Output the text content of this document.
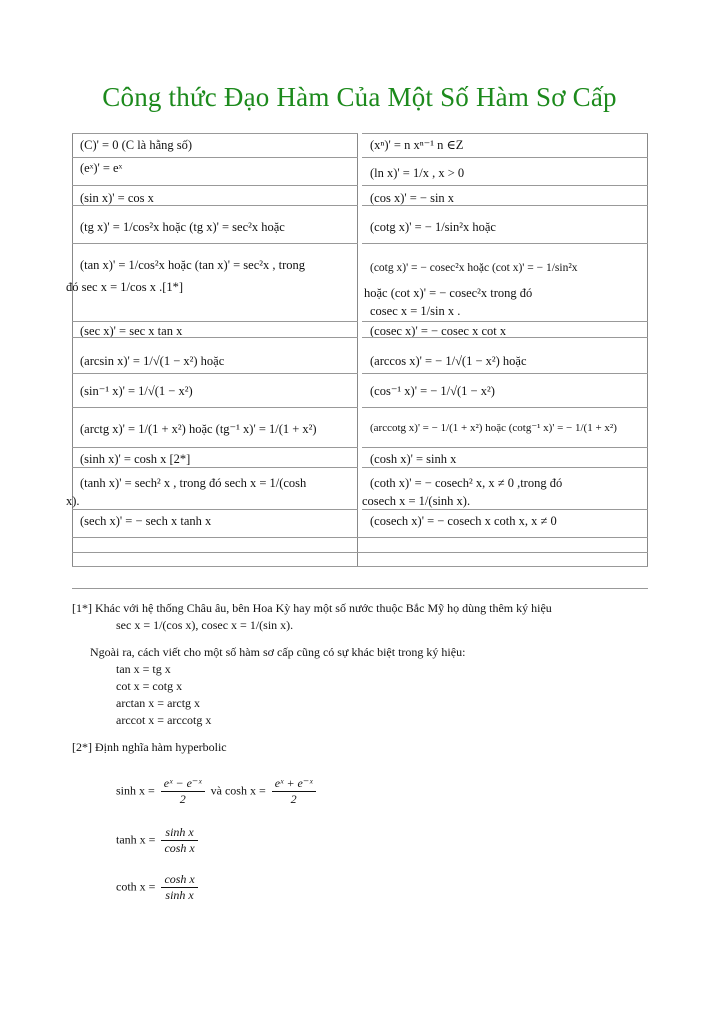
Công thức Đạo Hàm Của Một Số Hàm Sơ Cấp
(C)' = 0 (C là hằng số)
(eˣ)' = eˣ
(sin x)' = cos x
(tg x)' = 1/cos²x hoặc (tg x)' = sec²x hoặc
(tan x)' = 1/cos²x hoặc (tan x)' = sec²x , trong
đó sec x = 1/cos x .[1*]
(sec x)' = sec x tan x
(arcsin x)' = 1/√(1 − x²) hoặc
(sin⁻¹ x)' = 1/√(1 − x²)
(arctg x)' = 1/(1 + x²) hoặc (tg⁻¹ x)' = 1/(1 + x²)
(sinh x)' = cosh x [2*]
(tanh x)' = sech² x , trong đó sech x = 1/(cosh
x).
(sech x)' = − sech x tanh x
(xⁿ)' = n xⁿ⁻¹ n ∈Z
(ln x)' = 1/x , x > 0
(cos x)' = − sin x
(cotg x)' = − 1/sin²x hoặc
(cotg x)' = − cosec²x hoặc (cot x)' = − 1/sin²x
hoặc (cot x)' = − cosec²x trong đó
cosec x = 1/sin x .
(cosec x)' = − cosec x cot x
(arccos x)' = − 1/√(1 − x²) hoặc
(cos⁻¹ x)' = − 1/√(1 − x²)
(arccotg x)' = − 1/(1 + x²) hoặc (cotg⁻¹ x)' = − 1/(1 + x²)
(cosh x)' = sinh x
(coth x)' = − cosech² x, x ≠ 0 ,trong đó
cosech x = 1/(sinh x).
(cosech x)' = − cosech x coth x, x ≠ 0
[1*] Khác với hệ thống Châu âu, bên Hoa Kỳ hay một số nước thuộc Bắc Mỹ họ dùng thêm ký hiệu
sec x = 1/(cos x), cosec x = 1/(sin x).
Ngoài ra, cách viết cho một số hàm sơ cấp cũng có sự khác biệt trong ký hiệu:
tan x = tg x
cot x = cotg x
arctan x = arctg x
arccot x = arccotg x
[2*] Định nghĩa hàm hyperbolic
$\sinh x = \frac{\text{eˣ − e⁻ˣ}}{2}$ và $\cosh x = \frac{\text{eˣ + e⁻ˣ}}{2}$
$\tanh x = \frac{\text{sinh x}}{\text{cosh x}}$
coth $x = \frac{\text{cosh x}}{\text{sinh x}}$
